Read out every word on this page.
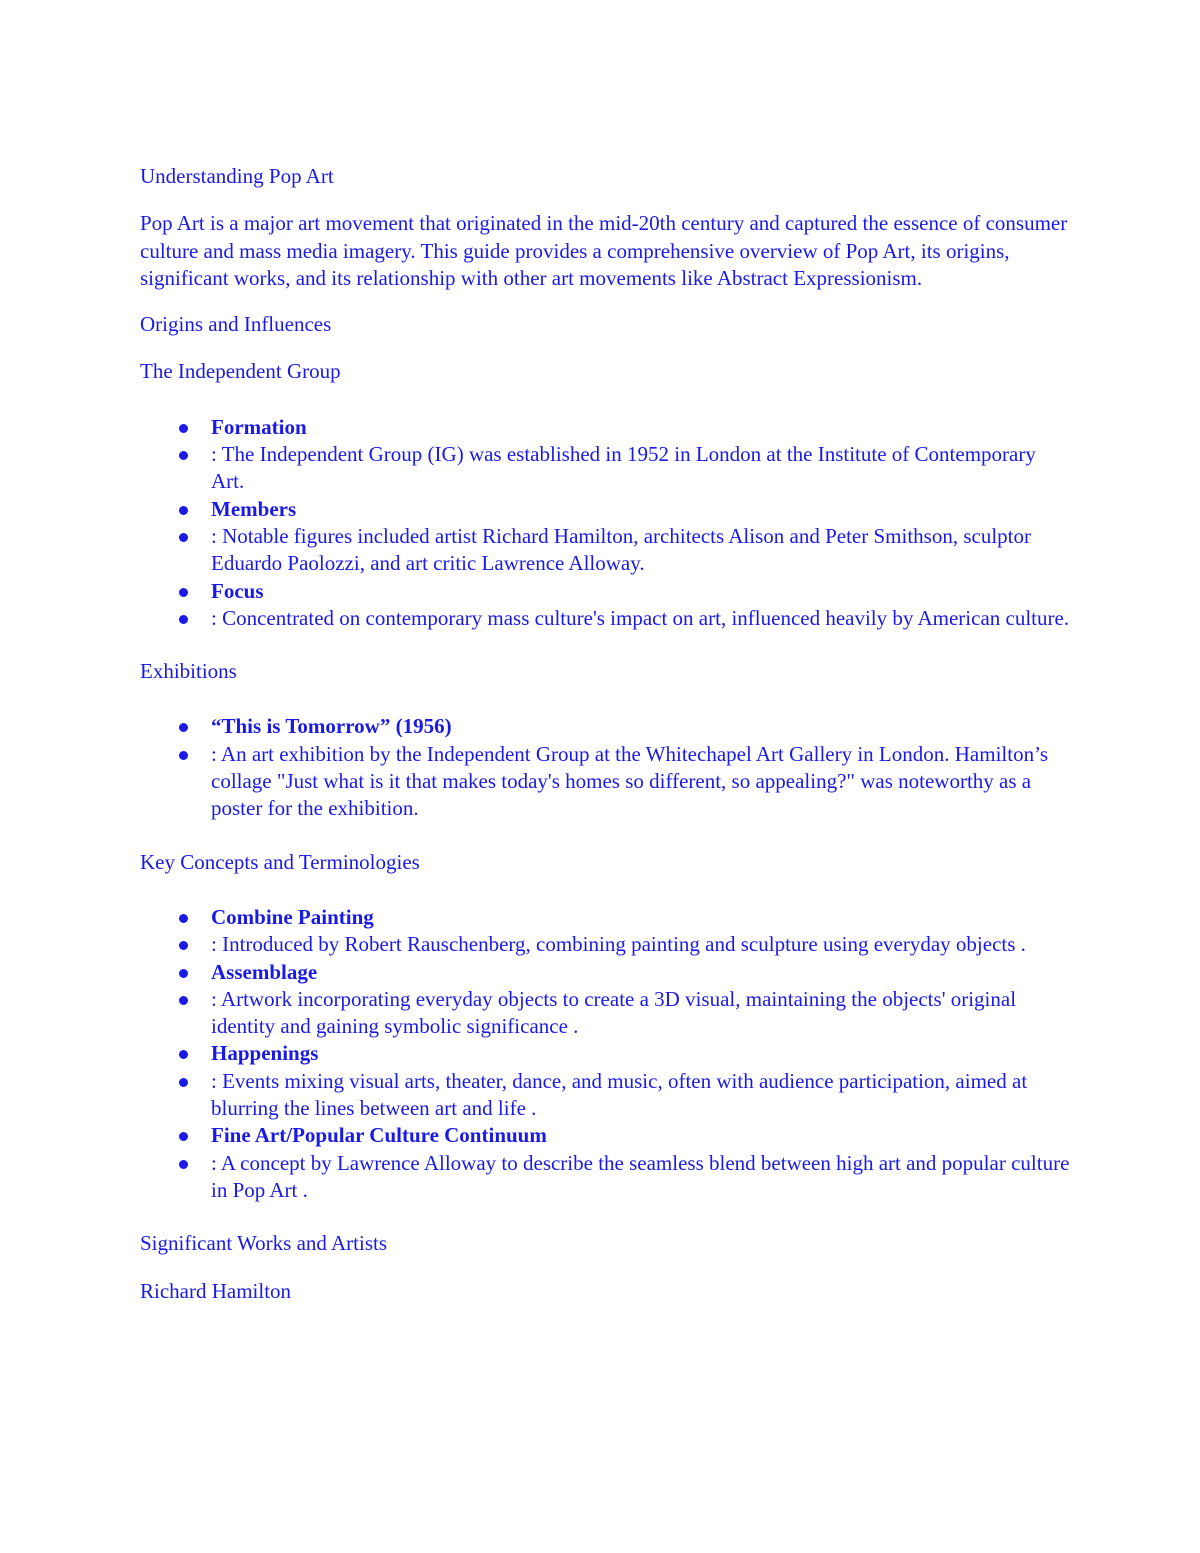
Understanding Pop Art
Pop Art is a major art movement that originated in the mid-20th century and captured the essence of consumer culture and mass media imagery. This guide provides a comprehensive overview of Pop Art, its origins, significant works, and its relationship with other art movements like Abstract Expressionism.
Origins and Influences
The Independent Group
Formation
: The Independent Group (IG) was established in 1952 in London at the Institute of Contemporary Art.
Members
: Notable figures included artist Richard Hamilton, architects Alison and Peter Smithson, sculptor Eduardo Paolozzi, and art critic Lawrence Alloway.
Focus
: Concentrated on contemporary mass culture's impact on art, influenced heavily by American culture.
Exhibitions
“This is Tomorrow” (1956)
: An art exhibition by the Independent Group at the Whitechapel Art Gallery in London. Hamilton’s collage "Just what is it that makes today's homes so different, so appealing?" was noteworthy as a poster for the exhibition.
Key Concepts and Terminologies
Combine Painting
: Introduced by Robert Rauschenberg, combining painting and sculpture using everyday objects .
Assemblage
: Artwork incorporating everyday objects to create a 3D visual, maintaining the objects' original identity and gaining symbolic significance .
Happenings
: Events mixing visual arts, theater, dance, and music, often with audience participation, aimed at blurring the lines between art and life .
Fine Art/Popular Culture Continuum
: A concept by Lawrence Alloway to describe the seamless blend between high art and popular culture in Pop Art .
Significant Works and Artists
Richard Hamilton
